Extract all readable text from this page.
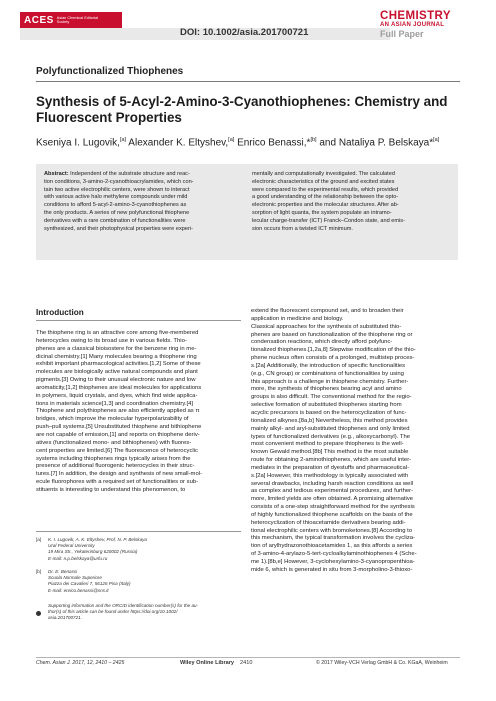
ACES Asian Chemical Editorial Society
DOI: 10.1002/asia.201700721
CHEMISTRY
AN ASIAN JOURNAL
Full Paper
Polyfunctionalized Thiophenes
Synthesis of 5-Acyl-2-Amino-3-Cyanothiophenes: Chemistry and
Fluorescent Properties
Kseniya I. Lugovik,[a] Alexander K. Eltyshev,[a] Enrico Benassi,*[b] and Nataliya P. Belskaya*[a]
Abstract: Independent of the substrate structure and reac-
tion conditions, 3-amino-2-cyanothioacrylamides, which con-
tain two active electrophilic centers, were shown to interact
with various active halo methylene compounds under mild
conditions to afford 5-acyl-2-amino-3-cyanothiophenes as
the only products. A series of new polyfunctional thiophene
derivatives with a rare combination of functionalities were
synthesized, and their photophysical properties were experi-
mentally and computationally investigated. The calculated
electronic characteristics of the ground and excited states
were compared to the experimental results, which provided
a good understanding of the relationship between the opto-
electronic properties and the molecular structures. After ab-
sorption of light quanta, the system populate an intramo-
lecular charge-transfer (ICT) Franck–Condon state, and emis-
sion occurs from a twisted ICT minimum.
Introduction
The thiophene ring is an attractive core among five-membered
heterocycles owing to its broad use in various fields. Thio-
phenes are a classical bioisostere for the benzene ring in me-
dicinal chemistry.[1] Many molecules bearing a thiophene ring
exhibit important pharmacological activities.[1,2] Some of these
molecules are biologically active natural compounds and plant
pigments.[3] Owing to their unusual electronic nature and low
aromaticity,[1,2] thiophenes are ideal molecules for applications
in polymers, liquid crystals, and dyes, which find wide applica-
tions in materials science[1,3] and coordination chemistry.[4]
Thiophene and polythiophenes are also efficiently applied as π
bridges, which improve the molecular hyperpolarizability of
push–pull systems.[5] Unsubstituted thiophene and bithiophene
are not capable of emission,[1] and reports on thiophene deriv-
atives (functionalized mono- and bithiophenes) with fluores-
cent properties are limited.[6] The fluorescence of heterocyclic
systems including thiophenes rings typically arises from the
presence of additional fluorogenic heterocycles in their struc-
tures.[7] In addition, the design and synthesis of new small-mol-
ecule fluorophores with a required set of functionalities or sub-
stituents is interesting to understand this phenomenon, to
extend the fluorescent compound set, and to broaden their
application in medicine and biology.
Classical approaches for the synthesis of substituted thio-
phenes are based on functionalization of the thiophene ring or
condensation reactions, which directly afford polyfunc-
tionalized thiophenes.[1,2a,8] Stepwise modification of the thio-
phene nucleus often consists of a prolonged, multistep proces-
s.[2a] Additionally, the introduction of specific functionalities
(e.g., CN group) or combinations of functionalities by using
this approach is a challenge in thiophene chemistry. Further-
more, the synthesis of thiophenes bearing acyl and amino
groups is also difficult. The conventional method for the regio-
selective formation of substituted thiophenes starting from
acyclic precursors is based on the heterocyclization of func-
tionalized alkynes.[8a,b] Nevertheless, this method provides
mainly alkyl- and aryl-substituted thiophenes and only limited
types of functionalized derivatives (e.g., alkoxycarbonyl). The
most convenient method to prepare thiophenes is the well-
known Gewald method.[8b] This method is the most suitable
route for obtaining 2-aminothiophenes, which are useful inter-
mediates in the preparation of dyestuffs and pharmaceutical-
s.[2a] However, this methodology is typically associated with
several drawbacks, including harsh reaction conditions as well
as complex and tedious experimental procedures, and further-
more, limited yields are often obtained. A promising alternative
consists of a one-step straightforward method for the synthesis
of highly functionalized thiophene scaffolds on the basis of the
heterocyclization of thioacetamide derivatives bearing addi-
tional electrophilic centers with bromoketones.[8] According to
this mechanism, the typical transformation involves the cycliza-
tion of arylhydrazonothioacetamides 1, as this affords a series
of 3-amino-4-arylazo-5-tert-cycloalkylaminothiophenes 4 (Sche-
me 1).[8b,e] However, 3-cyclohexylamino-3-cyanopropenthioa-
mide 6, which is generated in situ from 3-morpholino-3-thioxo-
[a] K. I. Lugovik, A. K. Eltyshev, Prof. N. P. Belskaya
Ural Federal University
19 Mira Str., Yekaterinburg 620002 (Russia)
E-mail: n.p.belskaya@urfu.ru
[b] Dr. E. Benassi
Scuola Normale Superiore
Piazza dei Cavalieri 7, 56126 Pisa (Italy)
E-mail: enrico.benassi@sns.it
Supporting information and the ORCID identification number(s) for the au-
thor(s) of this article can be found under https://doi.org/10.1002/
asia.201700721.
Chem. Asian J. 2017, 12, 2410 – 2425	Wiley Online Library 2410	© 2017 Wiley-VCH Verlag GmbH & Co. KGaA, Weinheim
